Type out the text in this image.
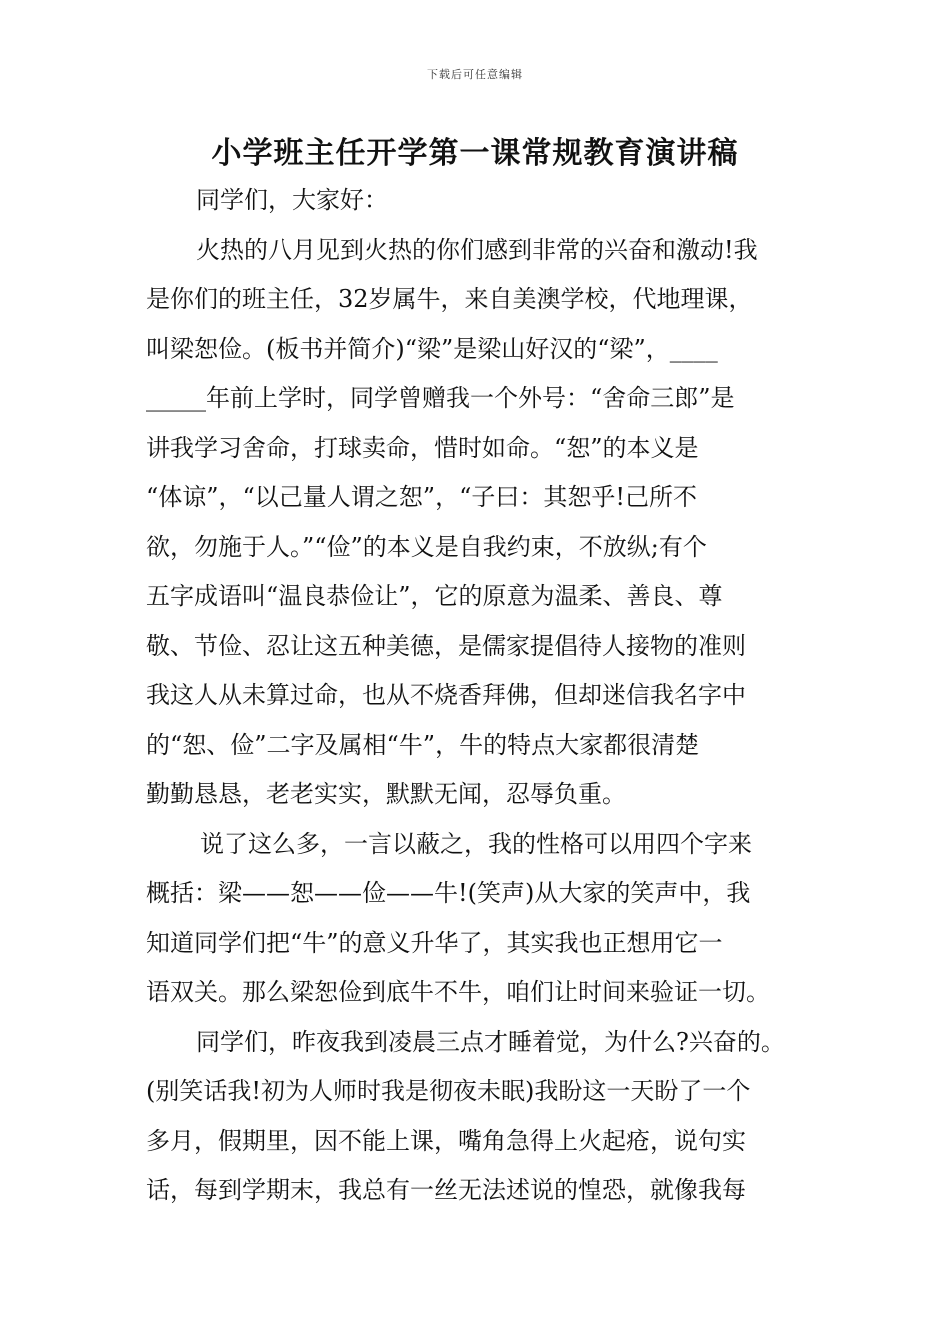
下载后可任意编辑
小学班主任开学第一课常规教育演讲稿
同学们，大家好：
火热的八月见到火热的你们感到非常的兴奋和激动!我
是你们的班主任，32岁属牛，来自美澳学校，代地理课，
叫梁恕俭。(板书并简介)“梁”是梁山好汉的“梁”，____
_____年前上学时，同学曾赠我一个外号：“舍命三郎”是
讲我学习舍命，打球卖命，惜时如命。“恕”的本义是
“体谅”，“以己量人谓之恕”，“子曰：其恕乎!己所不
欲，勿施于人。”“俭”的本义是自我约束，不放纵;有个
五字成语叫“温良恭俭让”，它的原意为温柔、善良、尊
敬、节俭、忍让这五种美德，是儒家提倡待人接物的准则
我这人从未算过命，也从不烧香拜佛，但却迷信我名字中
的“恕、俭”二字及属相“牛”，牛的特点大家都很清楚
勤勤恳恳，老老实实，默默无闻，忍辱负重。
说了这么多，一言以蔽之，我的性格可以用四个字来
概括：梁——恕——俭——牛!(笑声)从大家的笑声中，我
知道同学们把“牛”的意义升华了，其实我也正想用它一
语双关。那么梁恕俭到底牛不牛，咱们让时间来验证一切。
同学们，昨夜我到凌晨三点才睡着觉，为什么?兴奋的。
(别笑话我!初为人师时我是彻夜未眠)我盼这一天盼了一个
多月，假期里，因不能上课，嘴角急得上火起疮，说句实
话，每到学期末，我总有一丝无法述说的惶恐，就像我每
